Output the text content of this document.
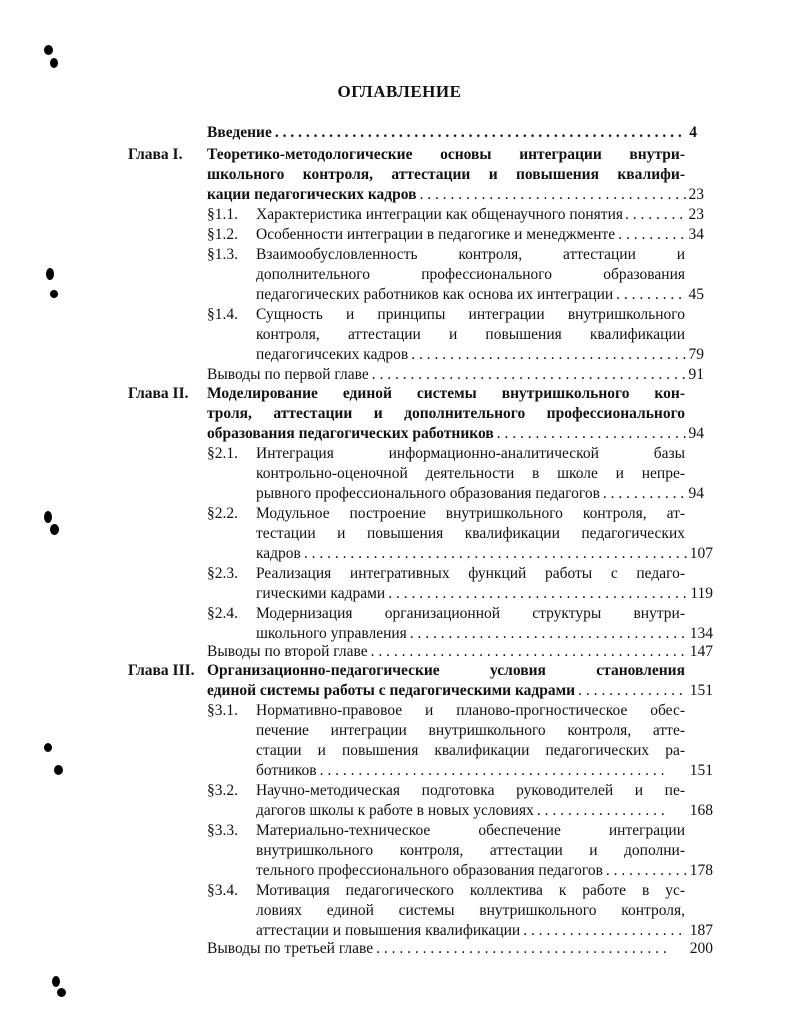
ОГЛАВЛЕНИЕ
Введение . . .	4
Глава I. Теоретико-методологические основы интеграции внутри-
школьного контроля, аттестации и повышения квалифи-
кации педагогических кадров . . .	23
§1.1. Характеристика интеграции как общенаучного понятия . . .	23
§1.2. Особенности интеграции в педагогике и менеджменте . . .	34
§1.3. Взаимообусловленность контроля, аттестации и
дополнительного профессионального образования
педагогических работников как основа их интеграции . . .	45
§1.4. Сущность и принципы интеграции внутришкольного
контроля, аттестации и повышения квалификации
педагогичсеких кадров . . .	79
Выводы по первой главе . . .	91
Глава II. Моделирование единой системы внутришкольного кон-
троля, аттестации и дополнительного профессионального
образования педагогических работников . . .	94
§2.1. Интеграция информационно-аналитической базы
контрольно-оценочной деятельности в школе и непре-
рывного профессионального образования педагогов . . .	94
§2.2. Модульное построение внутришкольного контроля, ат-
тестации и повышения квалификации педагогических
кадров . . .	107
§2.3. Реализация интегративных функций работы с педаго-
гическими кадрами . . .	119
§2.4. Модернизация организационной структуры внутри-
школьного управления . . .	134
Выводы по второй главе . . .	147
Глава III. Организационно-педагогические условия становления
единой системы работы с педагогическими кадрами . . .	151
§3.1. Нормативно-правовое и планово-прогностическое обес-
печение интеграции внутришкольного контроля, атте-
стации и повышения квалификации педагогических ра-
ботников . . .	151
§3.2. Научно-методическая подготовка руководителей и пе-
дагогов школы к работе в новых условиях . . .	168
§3.3. Материально-техническое обеспечение интеграции
внутришкольного контроля, аттестации и дополни-
тельного профессионального образования педагогов . . .	178
§3.4. Мотивация педагогического коллектива к работе в ус-
ловиях единой системы внутришкольного контроля,
аттестации и повышения квалификации . . .	187
Выводы по третьей главе . . .	200
